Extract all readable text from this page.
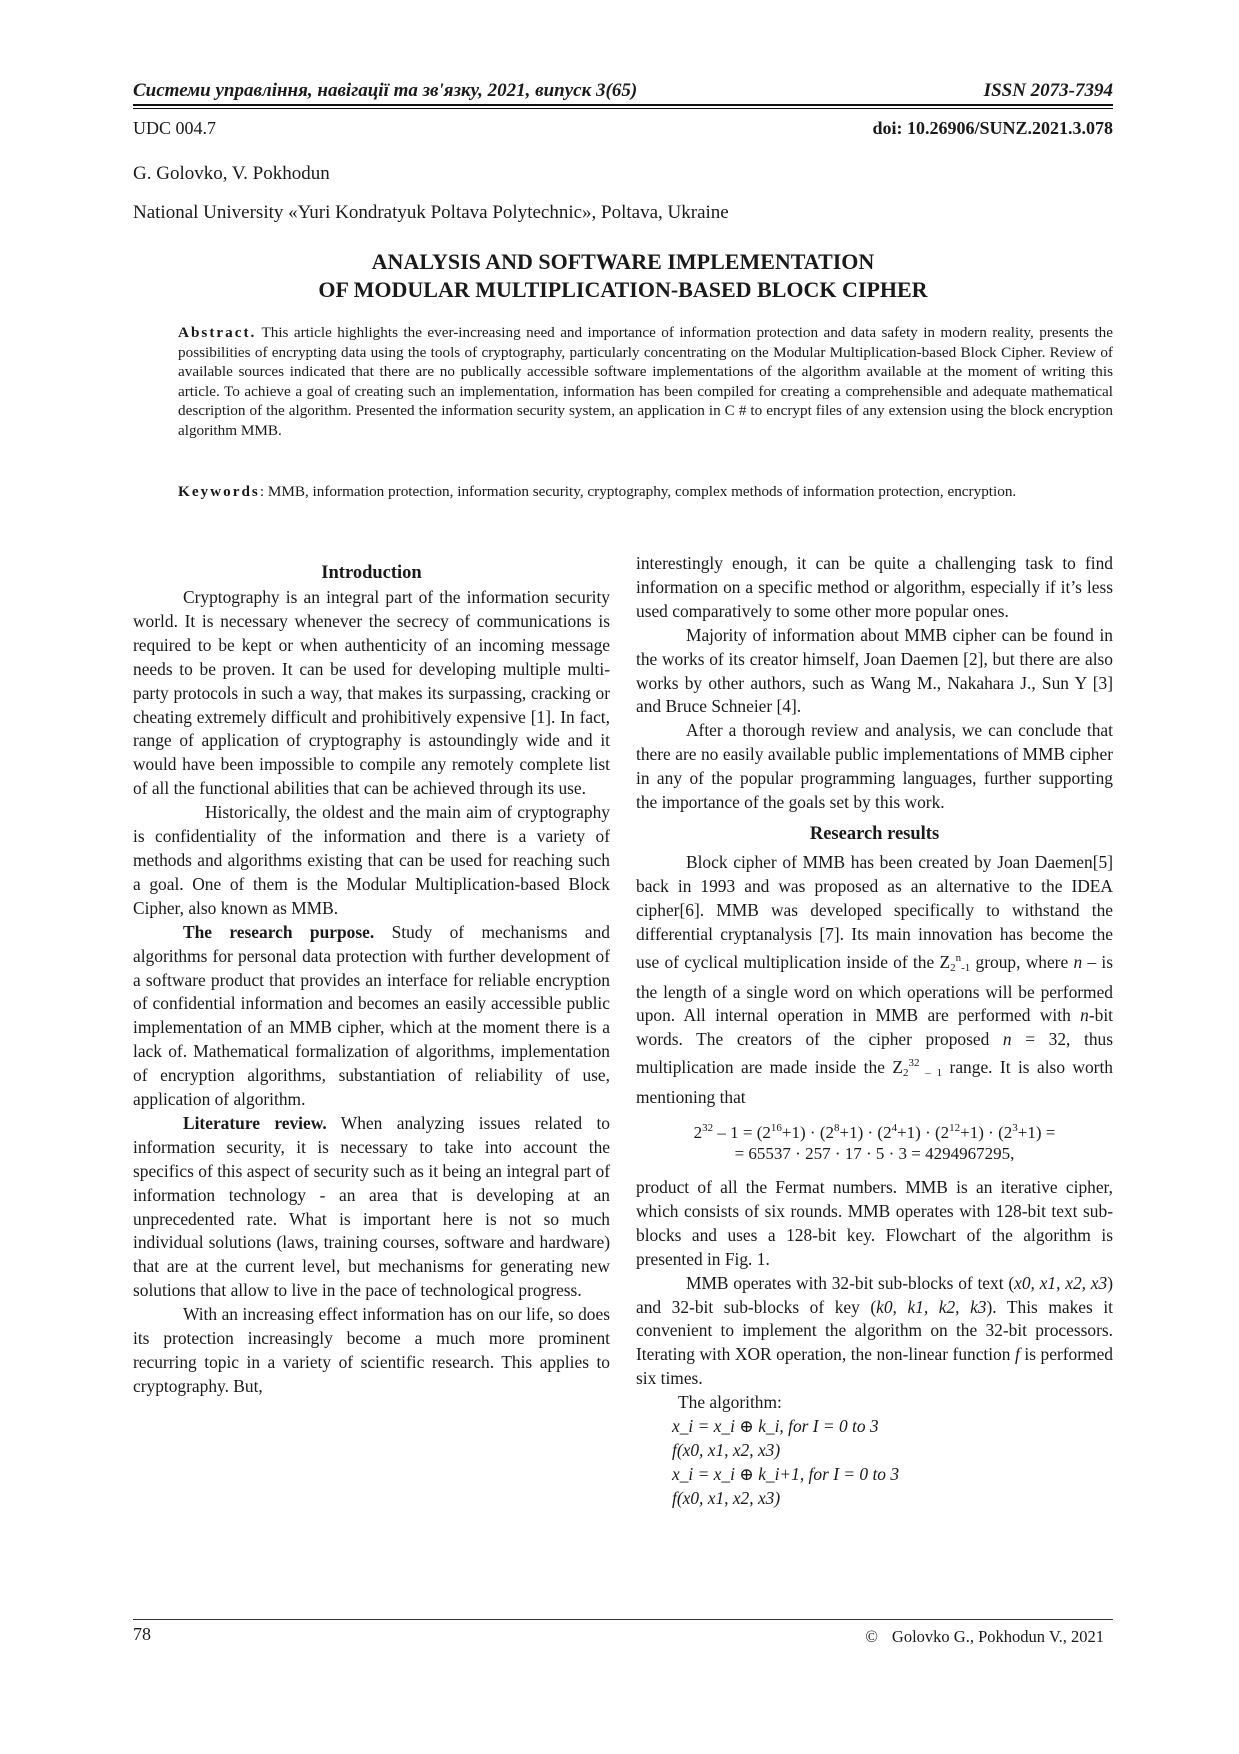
Системи управління, навігації та зв'язку, 2021, випуск 3(65)	ISSN 2073-7394
UDC 004.7	doi: 10.26906/SUNZ.2021.3.078
G. Golovko, V. Pokhodun
National University «Yuri Kondratyuk Poltava Polytechnic», Poltava, Ukraine
ANALYSIS AND SOFTWARE IMPLEMENTATION
OF MODULAR MULTIPLICATION-BASED BLOCK CIPHER
Abstract. This article highlights the ever-increasing need and importance of information protection and data safety in modern reality, presents the possibilities of encrypting data using the tools of cryptography, particularly concentrating on the Modular Multiplication-based Block Cipher. Review of available sources indicated that there are no publically accessible software implementations of the algorithm available at the moment of writing this article. To achieve a goal of creating such an implementation, information has been compiled for creating a comprehensible and adequate mathematical description of the algorithm. Presented the information security system, an application in C # to encrypt files of any extension using the block encryption algorithm MMB.
Keywords: MMB, information protection, information security, cryptography, complex methods of information protection, encryption.
Introduction

Cryptography is an integral part of the information security world. It is necessary whenever the secrecy of communications is required to be kept or when authenticity of an incoming message needs to be proven. It can be used for developing multiple multi-party protocols in such a way, that makes its surpassing, cracking or cheating extremely difficult and prohibitively expensive [1]. In fact, range of application of cryptography is astoundingly wide and it would have been impossible to compile any remotely complete list of all the functional abilities that can be achieved through its use.

Historically, the oldest and the main aim of cryptography is confidentiality of the information and there is a variety of methods and algorithms existing that can be used for reaching such a goal. One of them is the Modular Multiplication-based Block Cipher, also known as MMB.

The research purpose. Study of mechanisms and algorithms for personal data protection with further development of a software product that provides an interface for reliable encryption of confidential information and becomes an easily accessible public implementation of an MMB cipher, which at the moment there is a lack of. Mathematical formalization of algorithms, implementation of encryption algorithms, substantiation of reliability of use, application of algorithm.

Literature review. When analyzing issues related to information security, it is necessary to take into account the specifics of this aspect of security such as it being an integral part of information technology - an area that is developing at an unprecedented rate. What is important here is not so much individual solutions (laws, training courses, software and hardware) that are at the current level, but mechanisms for generating new solutions that allow to live in the pace of technological progress.

With an increasing effect information has on our life, so does its protection increasingly become a much more prominent recurring topic in a variety of scientific research. This applies to cryptography. But,

interestingly enough, it can be quite a challenging task to find information on a specific method or algorithm, especially if it’s less used comparatively to some other more popular ones.

Majority of information about MMB cipher can be found in the works of its creator himself, Joan Daemen [2], but there are also works by other authors, such as Wang M., Nakahara J., Sun Y [3] and Bruce Schneier [4].

After a thorough review and analysis, we can conclude that there are no easily available public implementations of MMB cipher in any of the popular programming languages, further supporting the importance of the goals set by this work.

Research results

Block cipher of MMB has been created by Joan Daemen[5] back in 1993 and was proposed as an alternative to the IDEA cipher[6]. MMB was developed specifically to withstand the differential cryptanalysis [7]. Its main innovation has become the use of cyclical multiplication inside of the $Z_2^n_{-1}$ group, where n – is the length of a single word on which operations will be performed upon. All internal operation in MMB are performed with n-bit words. The creators of the cipher proposed n = 32, thus multiplication are made inside the $Z_2^{32}$ $_{- 1}$ range. It is also worth mentioning that

$2^{32} - 1 = (2^{16}+1) \cdot (2^8+1) \cdot (2^4+1) \cdot (2^{12}+1) \cdot (2^3+1)$ =
= 65537 · 257 · 17 · 5 · 3 = 4294967295,

product of all the Fermat numbers. MMB is an iterative cipher, which consists of six rounds. MMB operates with 128-bit text sub-blocks and uses a 128-bit key. Flowchart of the algorithm is presented in Fig. 1.

MMB operates with 32-bit sub-blocks of text (x0, x1, x2, x3) and 32-bit sub-blocks of key (k0, k1, k2, k3). This makes it convenient to implement the algorithm on the 32-bit processors. Iterating with XOR operation, the non-linear function f is performed six times.

The algorithm:
x_i = x_i ⊕ k_i, for I = 0 to 3
f(x0, x1, x2, x3)
x_i = x_i ⊕ k_i+1, for I = 0 to 3
f(x0, x1, x2, x3)
78	© Golovko G., Pokhodun V., 2021
